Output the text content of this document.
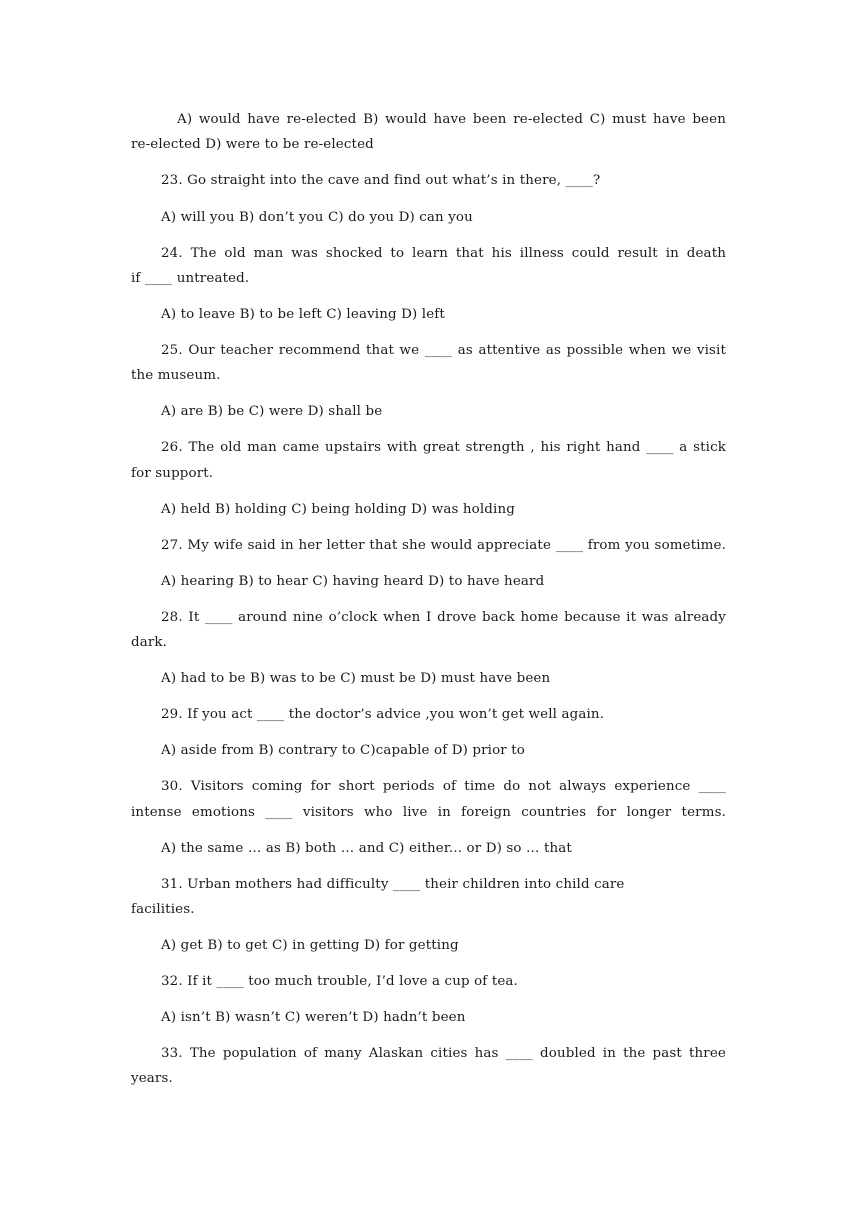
A) would have re-elected B) would have been re-elected C) must have been
re-elected D) were to be re-elected
23. Go straight into the cave and find out what’s in there, ____?
A) will you B) don’t you C) do you D) can you
24. The old man was shocked to learn that his illness could result in death
if ____ untreated.
A) to leave B) to be left C) leaving D) left
25. Our teacher recommend that we ____ as attentive as possible when we visit
the museum.
A) are B) be C) were D) shall be
26. The old man came upstairs with great strength , his right hand ____ a stick
for support.
A) held B) holding C) being holding D) was holding
27. My wife said in her letter that she would appreciate ____ from you sometime.
A) hearing B) to hear C) having heard D) to have heard
28. It ____ around nine o’clock when I drove back home because it was already
dark.
A) had to be B) was to be C) must be D) must have been
29. If you act ____ the doctor’s advice ,you won’t get well again.
A) aside from B) contrary to C)capable of D) prior to
30. Visitors coming for short periods of time do not always experience ____
intense emotions ____ visitors who live in foreign countries for longer terms.
A) the same … as B) both … and C) either... or D) so … that
31. Urban mothers had difficulty ____ their children into child care
facilities.
A) get B) to get C) in getting D) for getting
32. If it ____ too much trouble, I’d love a cup of tea.
A) isn’t B) wasn’t C) weren’t D) hadn’t been
33. The population of many Alaskan cities has ____ doubled in the past three
years.
